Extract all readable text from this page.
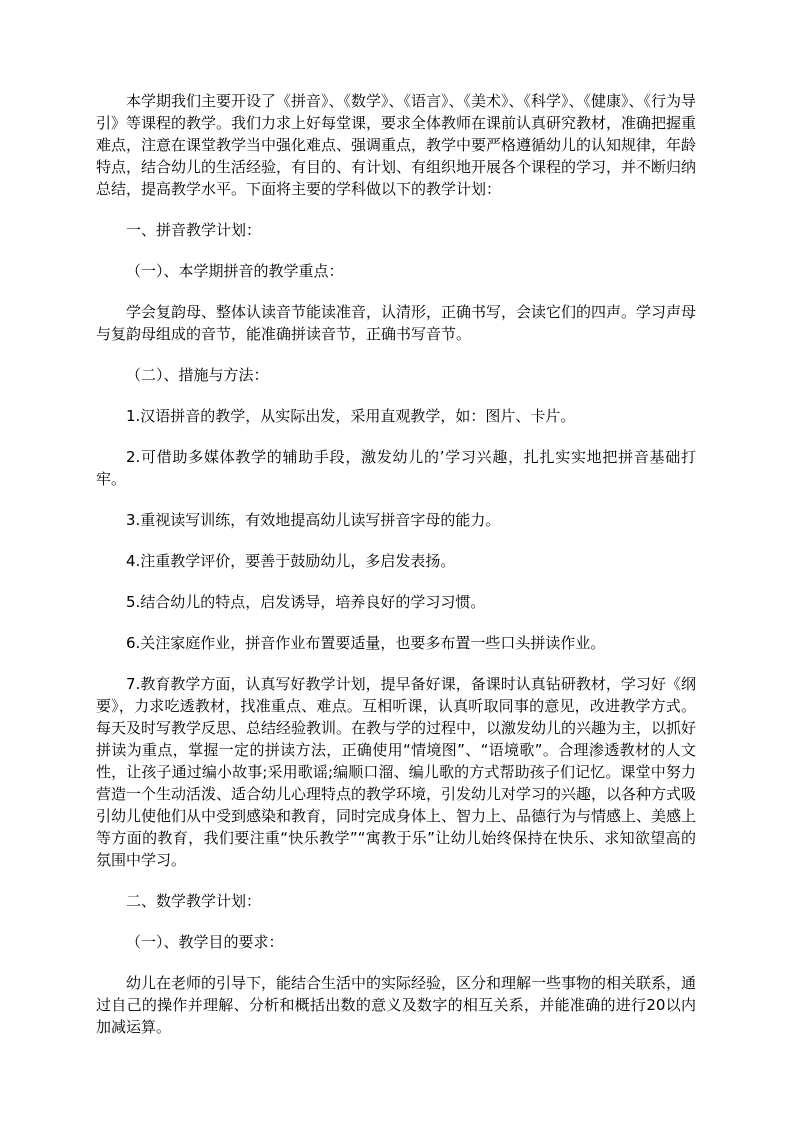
本学期我们主要开设了《拼音》、《数学》、《语言》、《美术》、《科学》、《健康》、《行为导引》等课程的教学。我们力求上好每堂课，要求全体教师在课前认真研究教材，准确把握重难点，注意在课堂教学当中强化难点、强调重点，教学中要严格遵循幼儿的认知规律，年龄特点，结合幼儿的生活经验，有目的、有计划、有组织地开展各个课程的学习，并不断归纳总结，提高教学水平。下面将主要的学科做以下的教学计划：

一、拼音教学计划：

（一）、本学期拼音的教学重点：

学会复韵母、整体认读音节能读准音，认清形，正确书写，会读它们的四声。学习声母与复韵母组成的音节，能准确拼读音节，正确书写音节。

（二）、措施与方法：

1.汉语拼音的教学，从实际出发，采用直观教学，如：图片、卡片。

2.可借助多媒体教学的辅助手段，激发幼儿的’学习兴趣，扎扎实实地把拼音基础打牢。

3.重视读写训练，有效地提高幼儿读写拼音字母的能力。

4.注重教学评价，要善于鼓励幼儿，多启发表扬。

5.结合幼儿的特点，启发诱导，培养良好的学习习惯。

6.关注家庭作业，拼音作业布置要适量，也要多布置一些口头拼读作业。

7.教育教学方面，认真写好教学计划，提早备好课，备课时认真钻研教材，学习好《纲要》，力求吃透教材，找准重点、难点。互相听课，认真听取同事的意见，改进教学方式。每天及时写教学反思、总结经验教训。在教与学的过程中，以激发幼儿的兴趣为主，以抓好拼读为重点，掌握一定的拼读方法，正确使用“情境图”、“语境歌”。合理渗透教材的人文性，让孩子通过编小故事;采用歌谣;编顺口溜、编儿歌的方式帮助孩子们记忆。课堂中努力营造一个生动活泼、适合幼儿心理特点的教学环境，引发幼儿对学习的兴趣，以各种方式吸引幼儿使他们从中受到感染和教育，同时完成身体上、智力上、品德行为与情感上、美感上等方面的教育，我们要注重“快乐教学”“寓教于乐”让幼儿始终保持在快乐、求知欲望高的氛围中学习。

二、数学教学计划：

（一）、教学目的要求：

幼儿在老师的引导下，能结合生活中的实际经验，区分和理解一些事物的相关联系，通过自己的操作并理解、分析和概括出数的意义及数字的相互关系，并能准确的进行20以内加减运算。
